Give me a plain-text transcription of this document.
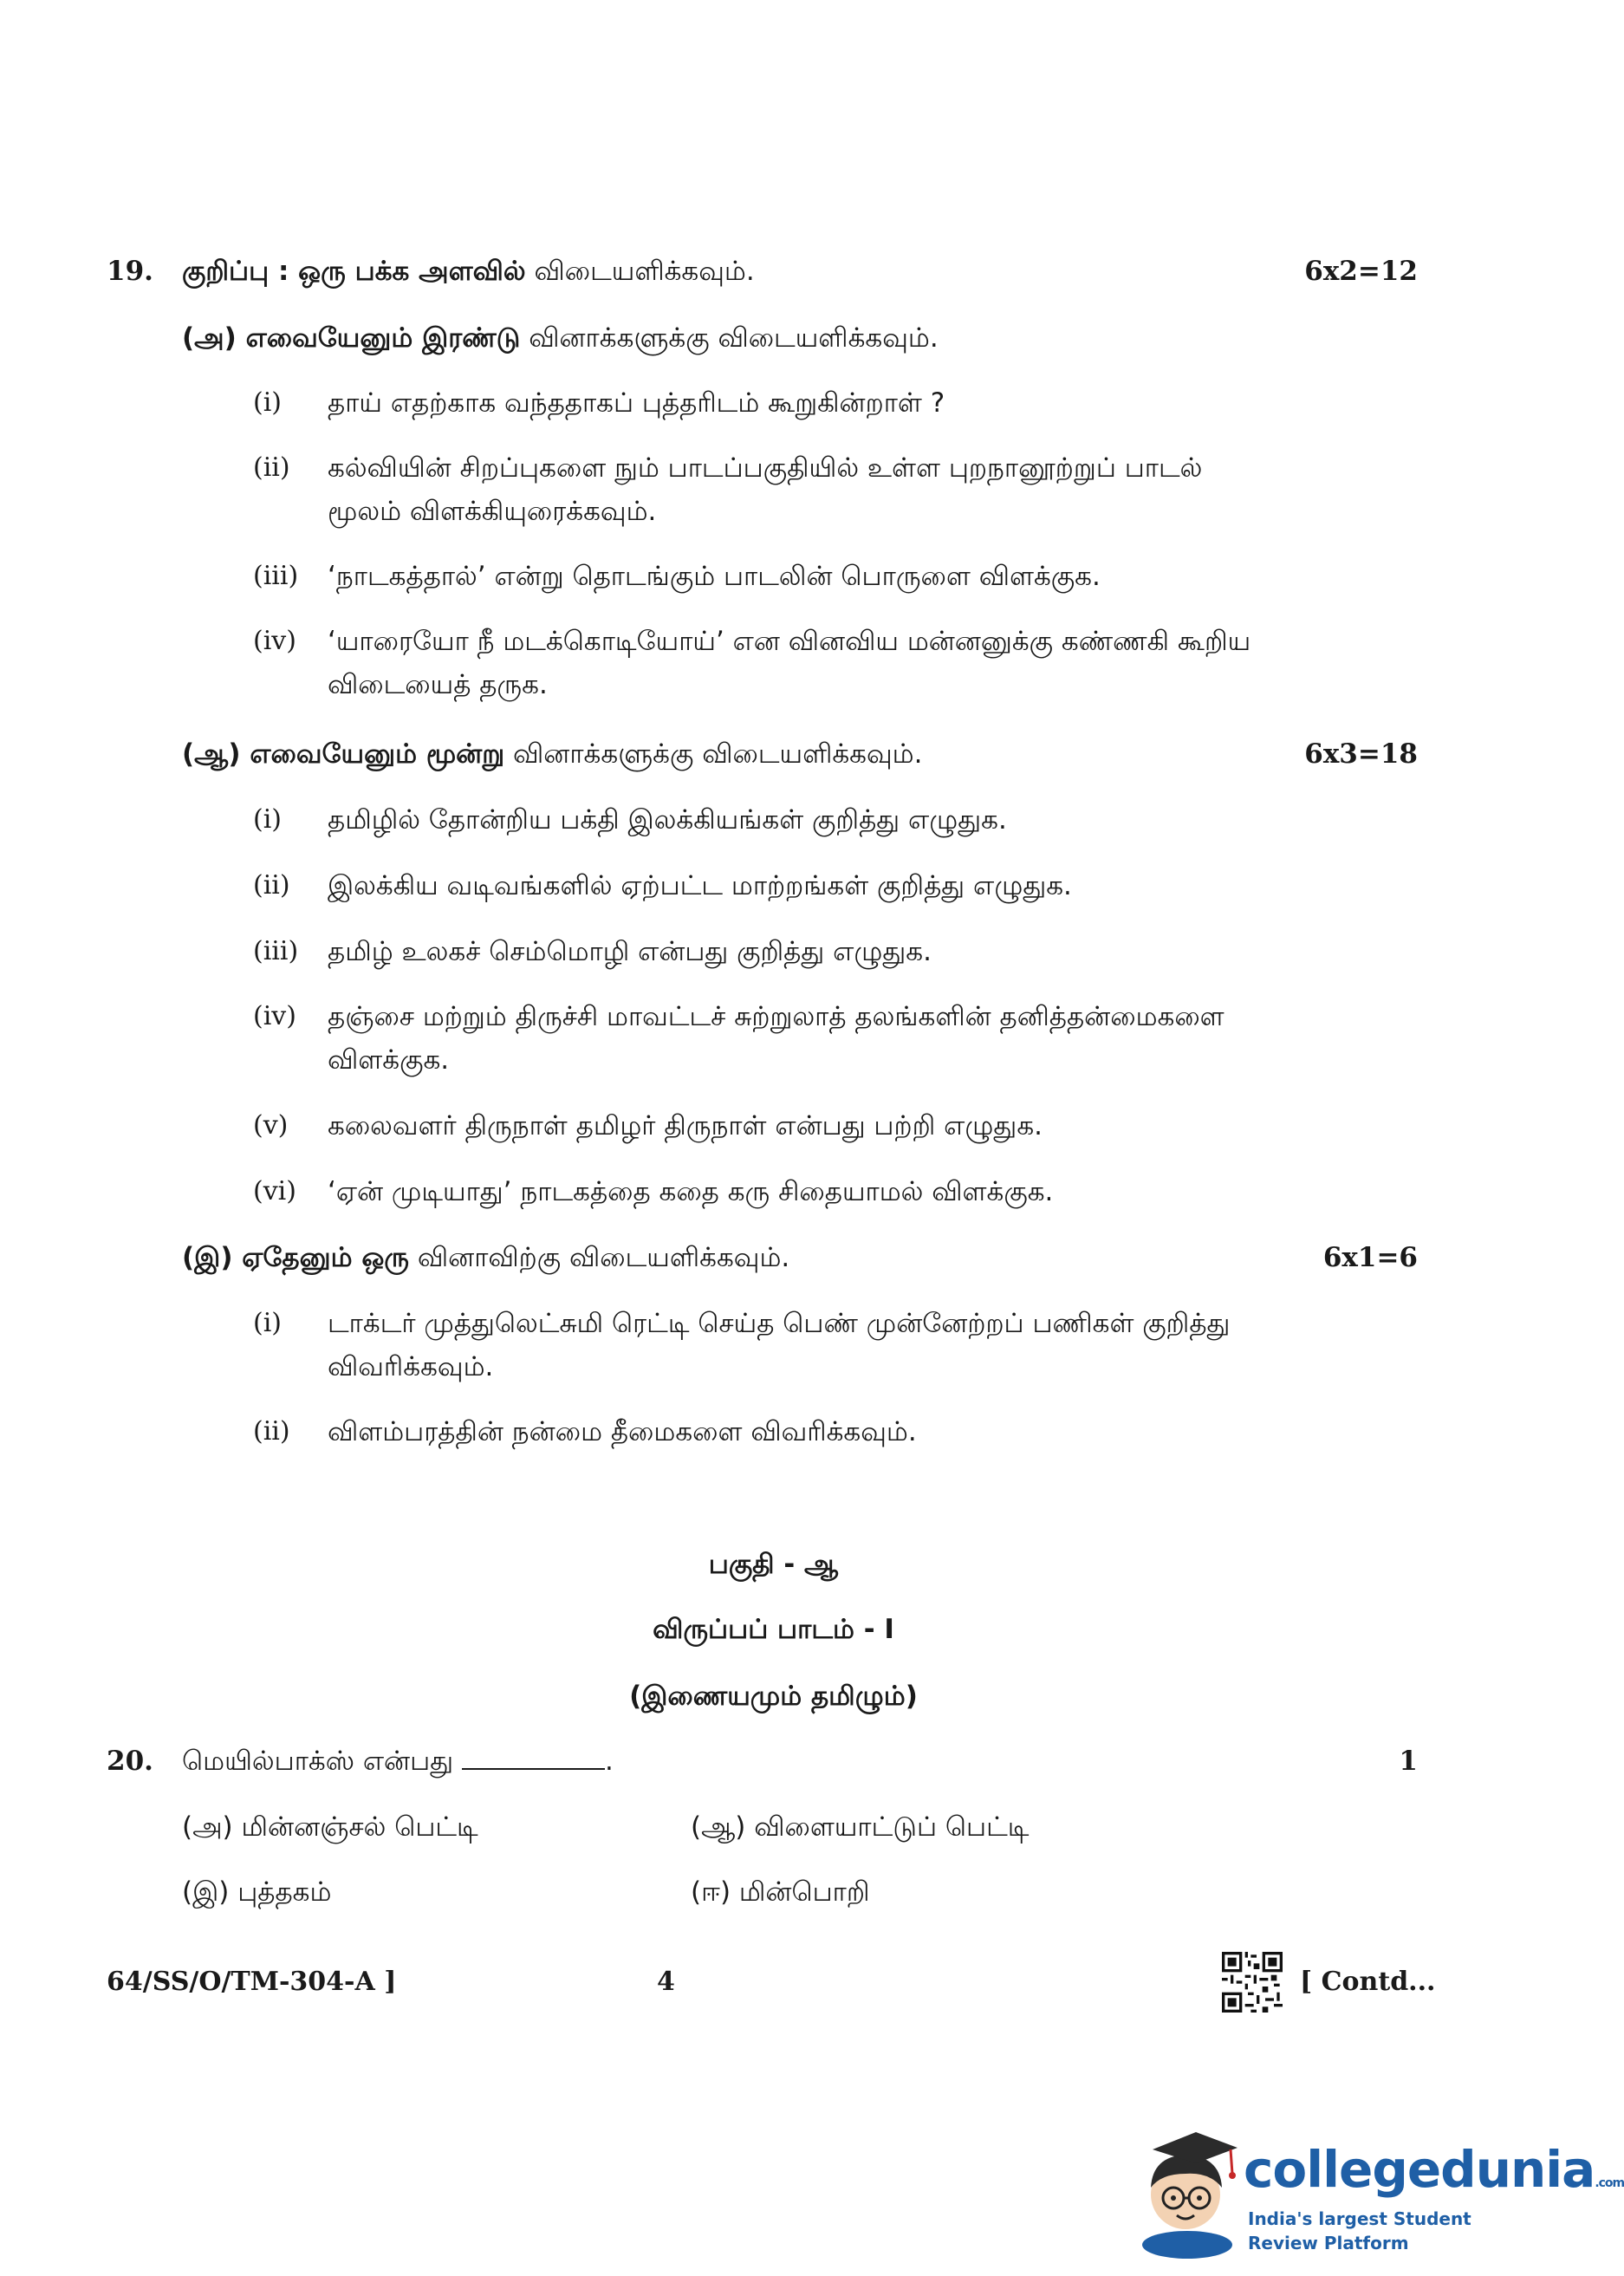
19. குறிப்பு : ஒரு பக்க அளவில் விடையளிக்கவும்.	6x2=12
(அ) எவையேனும் இரண்டு வினாக்களுக்கு விடையளிக்கவும்.
(i) தாய் எதற்காக வந்ததாகப் புத்தரிடம் கூறுகின்றாள் ?
(ii) கல்வியின் சிறப்புகளை நும் பாடப்பகுதியில் உள்ள புறநானூற்றுப் பாடல்
மூலம் விளக்கியுரைக்கவும்.
(iii) ‘நாடகத்தால்’ என்று தொடங்கும் பாடலின் பொருளை விளக்குக.
(iv) ‘யாரையோ நீ மடக்கொடியோய்’ என வினவிய மன்னனுக்கு கண்ணகி கூறிய
விடையைத் தருக.
(ஆ) எவையேனும் மூன்று வினாக்களுக்கு விடையளிக்கவும்.	6x3=18
(i) தமிழில் தோன்றிய பக்தி இலக்கியங்கள் குறித்து எழுதுக.
(ii) இலக்கிய வடிவங்களில் ஏற்பட்ட மாற்றங்கள் குறித்து எழுதுக.
(iii) தமிழ் உலகச் செம்மொழி என்பது குறித்து எழுதுக.
(iv) தஞ்சை மற்றும் திருச்சி மாவட்டச் சுற்றுலாத் தலங்களின் தனித்தன்மைகளை
விளக்குக.
(v) கலைவளர் திருநாள் தமிழர் திருநாள் என்பது பற்றி எழுதுக.
(vi) ‘ஏன் முடியாது’ நாடகத்தை கதை கரு சிதையாமல் விளக்குக.
(இ) ஏதேனும் ஒரு வினாவிற்கு விடையளிக்கவும்.	6x1=6
(i) டாக்டர் முத்துலெட்சுமி ரெட்டி செய்த பெண் முன்னேற்றப் பணிகள் குறித்து
விவரிக்கவும்.
(ii) விளம்பரத்தின் நன்மை தீமைகளை விவரிக்கவும்.
பகுதி - ஆ
விருப்பப் பாடம் - I
(இணையமும் தமிழும்)
20. மெயில்பாக்ஸ் என்பது	.	1
(அ) மின்னஞ்சல் பெட்டி	(ஆ) விளையாட்டுப் பெட்டி
(இ) புத்தகம்	(ஈ) மின்பொறி
64/SS/O/TM-304-A ]	4	[ Contd...
collegedunia.com
India's largest Student Review Platform
